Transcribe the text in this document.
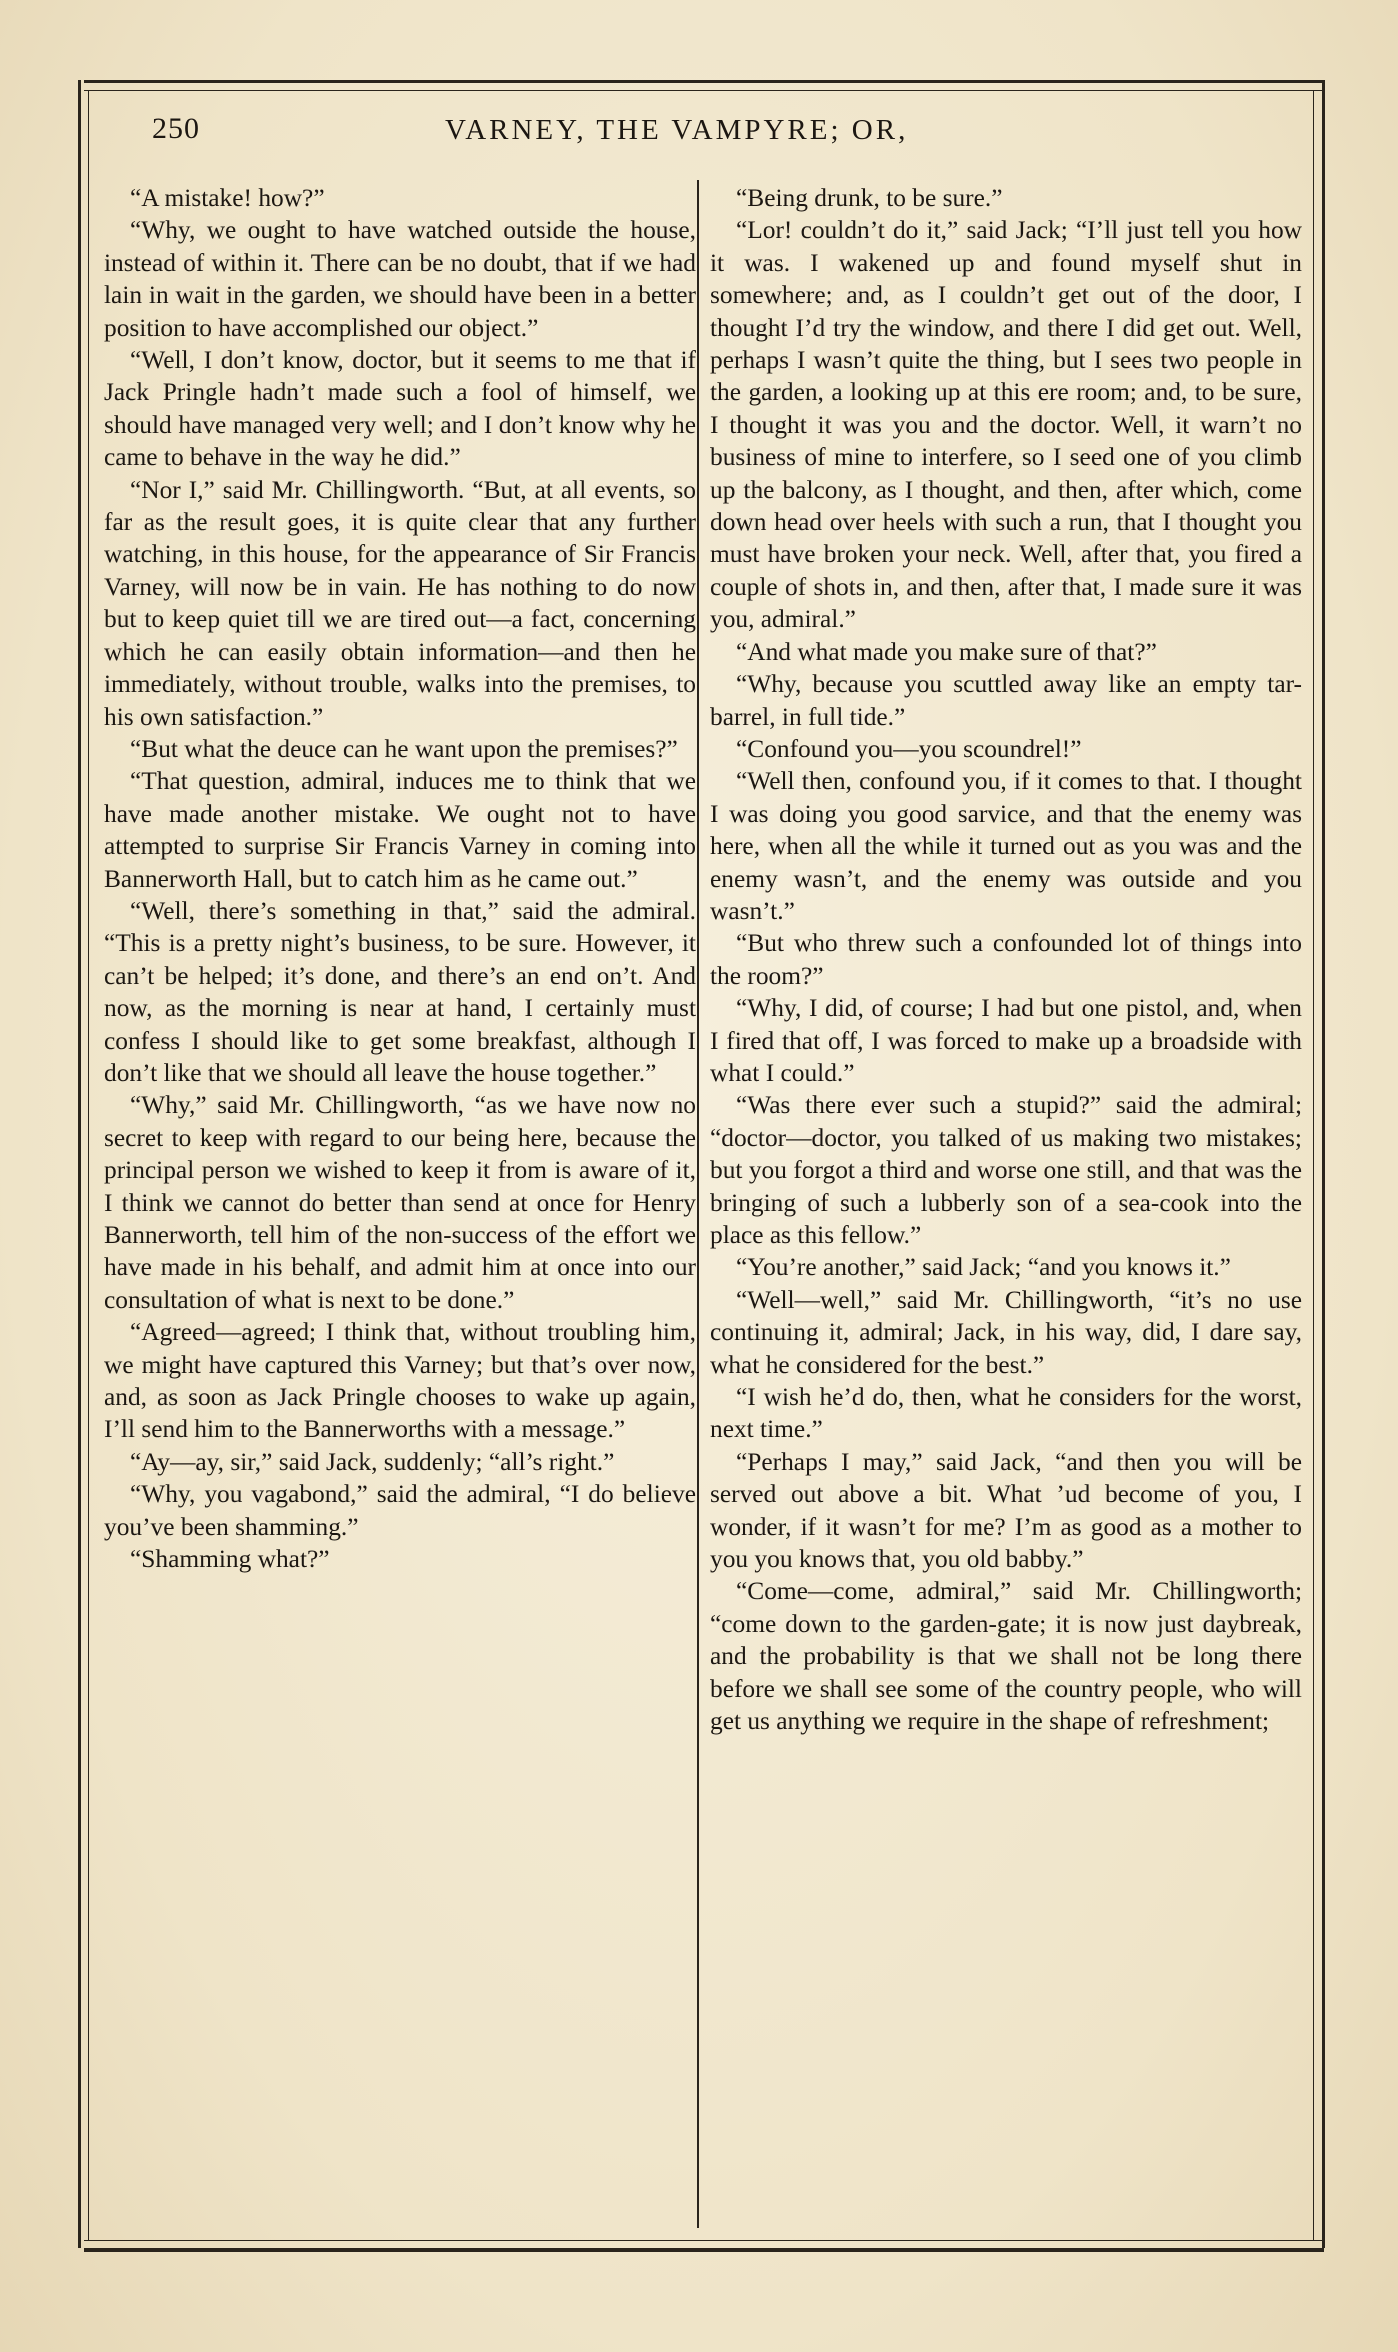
250	VARNEY, THE VAMPYRE; OR,

“A mistake! how?”

“Why, we ought to have watched outside the house, instead of within it. There can be no doubt, that if we had lain in wait in the garden, we should have been in a better position to have accomplished our object.”

“Well, I don’t know, doctor, but it seems to me that if Jack Pringle hadn’t made such a fool of himself, we should have managed very well; and I don’t know why he came to behave in the way he did.”

“Nor I,” said Mr. Chillingworth. “But, at all events, so far as the result goes, it is quite clear that any further watching, in this house, for the appearance of Sir Francis Varney, will now be in vain. He has nothing to do now but to keep quiet till we are tired out—a fact, concerning which he can easily obtain information—and then he immediately, without trouble, walks into the premises, to his own satisfaction.”

“But what the deuce can he want upon the premises?”

“That question, admiral, induces me to think that we have made another mistake. We ought not to have attempted to surprise Sir Francis Varney in coming into Bannerworth Hall, but to catch him as he came out.”

“Well, there’s something in that,” said the admiral. “This is a pretty night’s business, to be sure. However, it can’t be helped; it’s done, and there’s an end on’t. And now, as the morning is near at hand, I certainly must confess I should like to get some breakfast, although I don’t like that we should all leave the house together.”

“Why,” said Mr. Chillingworth, “as we have now no secret to keep with regard to our being here, because the principal person we wished to keep it from is aware of it, I think we cannot do better than send at once for Henry Bannerworth, tell him of the non-success of the effort we have made in his behalf, and admit him at once into our consultation of what is next to be done.”

“Agreed—agreed; I think that, without troubling him, we might have captured this Varney; but that’s over now, and, as soon as Jack Pringle chooses to wake up again, I’ll send him to the Bannerworths with a message.”

“Ay—ay, sir,” said Jack, suddenly; “all’s right.”

“Why, you vagabond,” said the admiral, “I do believe you’ve been shamming.”

“Shamming what?”

“Being drunk, to be sure.”

“Lor! couldn’t do it,” said Jack; “I’ll just tell you how it was. I wakened up and found myself shut in somewhere; and, as I couldn’t get out of the door, I thought I’d try the window, and there I did get out. Well, perhaps I wasn’t quite the thing, but I sees two people in the garden, a looking up at this ere room; and, to be sure, I thought it was you and the doctor. Well, it warn’t no business of mine to interfere, so I seed one of you climb up the balcony, as I thought, and then, after which, come down head over heels with such a run, that I thought you must have broken your neck. Well, after that, you fired a couple of shots in, and then, after that, I made sure it was you, admiral.”

“And what made you make sure of that?”

“Why, because you scuttled away like an empty tar-barrel, in full tide.”

“Confound you—you scoundrel!”

“Well then, confound you, if it comes to that. I thought I was doing you good sarvice, and that the enemy was here, when all the while it turned out as you was and the enemy wasn’t, and the enemy was outside and you wasn’t.”

“But who threw such a confounded lot of things into the room?”

“Why, I did, of course; I had but one pistol, and, when I fired that off, I was forced to make up a broadside with what I could.”

“Was there ever such a stupid?” said the admiral; “doctor—doctor, you talked of us making two mistakes; but you forgot a third and worse one still, and that was the bringing of such a lubberly son of a sea-cook into the place as this fellow.”

“You’re another,” said Jack; “and you knows it.”

“Well—well,” said Mr. Chillingworth, “it’s no use continuing it, admiral; Jack, in his way, did, I dare say, what he considered for the best.”

“I wish he’d do, then, what he considers for the worst, next time.”

“Perhaps I may,” said Jack, “and then you will be served out above a bit. What ’ud become of you, I wonder, if it wasn’t for me? I’m as good as a mother to you you knows that, you old babby.”

“Come—come, admiral,” said Mr. Chillingworth; “come down to the garden-gate; it is now just daybreak, and the probability is that we shall not be long there before we shall see some of the country people, who will get us anything we require in the shape of refreshment;
